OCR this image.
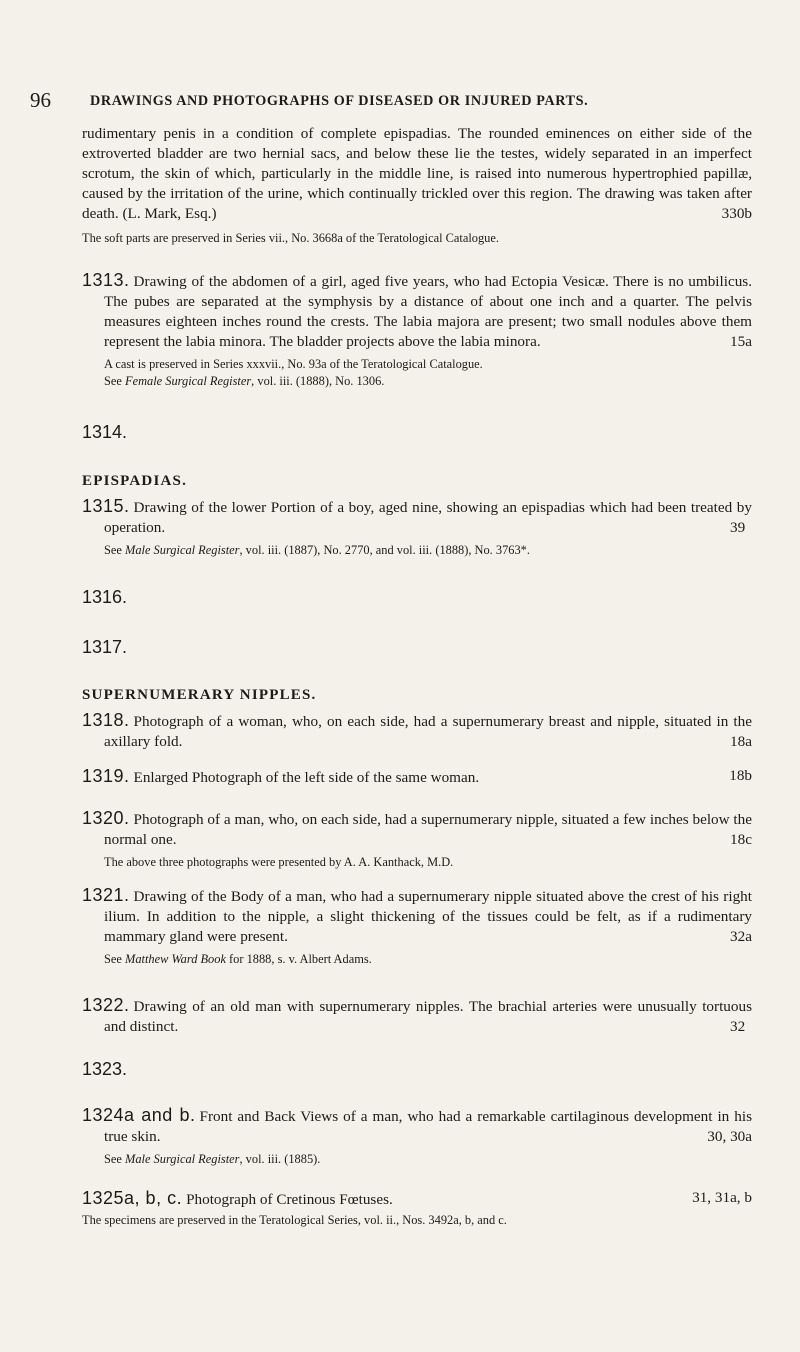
96	DRAWINGS AND PHOTOGRAPHS OF DISEASED OR INJURED PARTS.
rudimentary penis in a condition of complete epispadias. The rounded eminences on either side of the extroverted bladder are two hernial sacs, and below these lie the testes, widely separated in an imperfect scrotum, the skin of which, particularly in the middle line, is raised into numerous hypertrophied papillæ, caused by the irritation of the urine, which continually trickled over this region. The drawing was taken after death. (L. Mark, Esq.)	330b
The soft parts are preserved in Series vii., No. 3668a of the Teratological Catalogue.
1313. Drawing of the abdomen of a girl, aged five years, who had Ectopia Vesicæ. There is no umbilicus. The pubes are separated at the symphysis by a distance of about one inch and a quarter. The pelvis measures eighteen inches round the crests. The labia majora are present; two small nodules above them represent the labia minora. The bladder projects above the labia minora.	15a
A cast is preserved in Series xxxvii., No. 93a of the Teratological Catalogue.
See Female Surgical Register, vol. iii. (1888), No. 1306.
1314.
EPISPADIAS.
1315. Drawing of the lower Portion of a boy, aged nine, showing an epispadias which had been treated by operation.	39
See Male Surgical Register, vol. iii. (1887), No. 2770, and vol. iii. (1888), No. 3763*.
1316.
1317.
SUPERNUMERARY NIPPLES.
1318. Photograph of a woman, who, on each side, had a supernumerary breast and nipple, situated in the axillary fold.	18a
1319. Enlarged Photograph of the left side of the same woman.	18b
1320. Photograph of a man, who, on each side, had a supernumerary nipple, situated a few inches below the normal one.	18c
The above three photographs were presented by A. A. Kanthack, M.D.
1321. Drawing of the Body of a man, who had a supernumerary nipple situated above the crest of his right ilium. In addition to the nipple, a slight thickening of the tissues could be felt, as if a rudimentary mammary gland were present.	32a
See Matthew Ward Book for 1888, s. v. Albert Adams.
1322. Drawing of an old man with supernumerary nipples. The brachial arteries were unusually tortuous and distinct.	32
1323.
1324a and b. Front and Back Views of a man, who had a remarkable cartilaginous development in his true skin.	30, 30a
See Male Surgical Register, vol. iii. (1885).
1325a, b, c. Photograph of Cretinous Fœtuses.	31, 31a, b
The specimens are preserved in the Teratological Series, vol. ii., Nos. 3492a, b, and c.
